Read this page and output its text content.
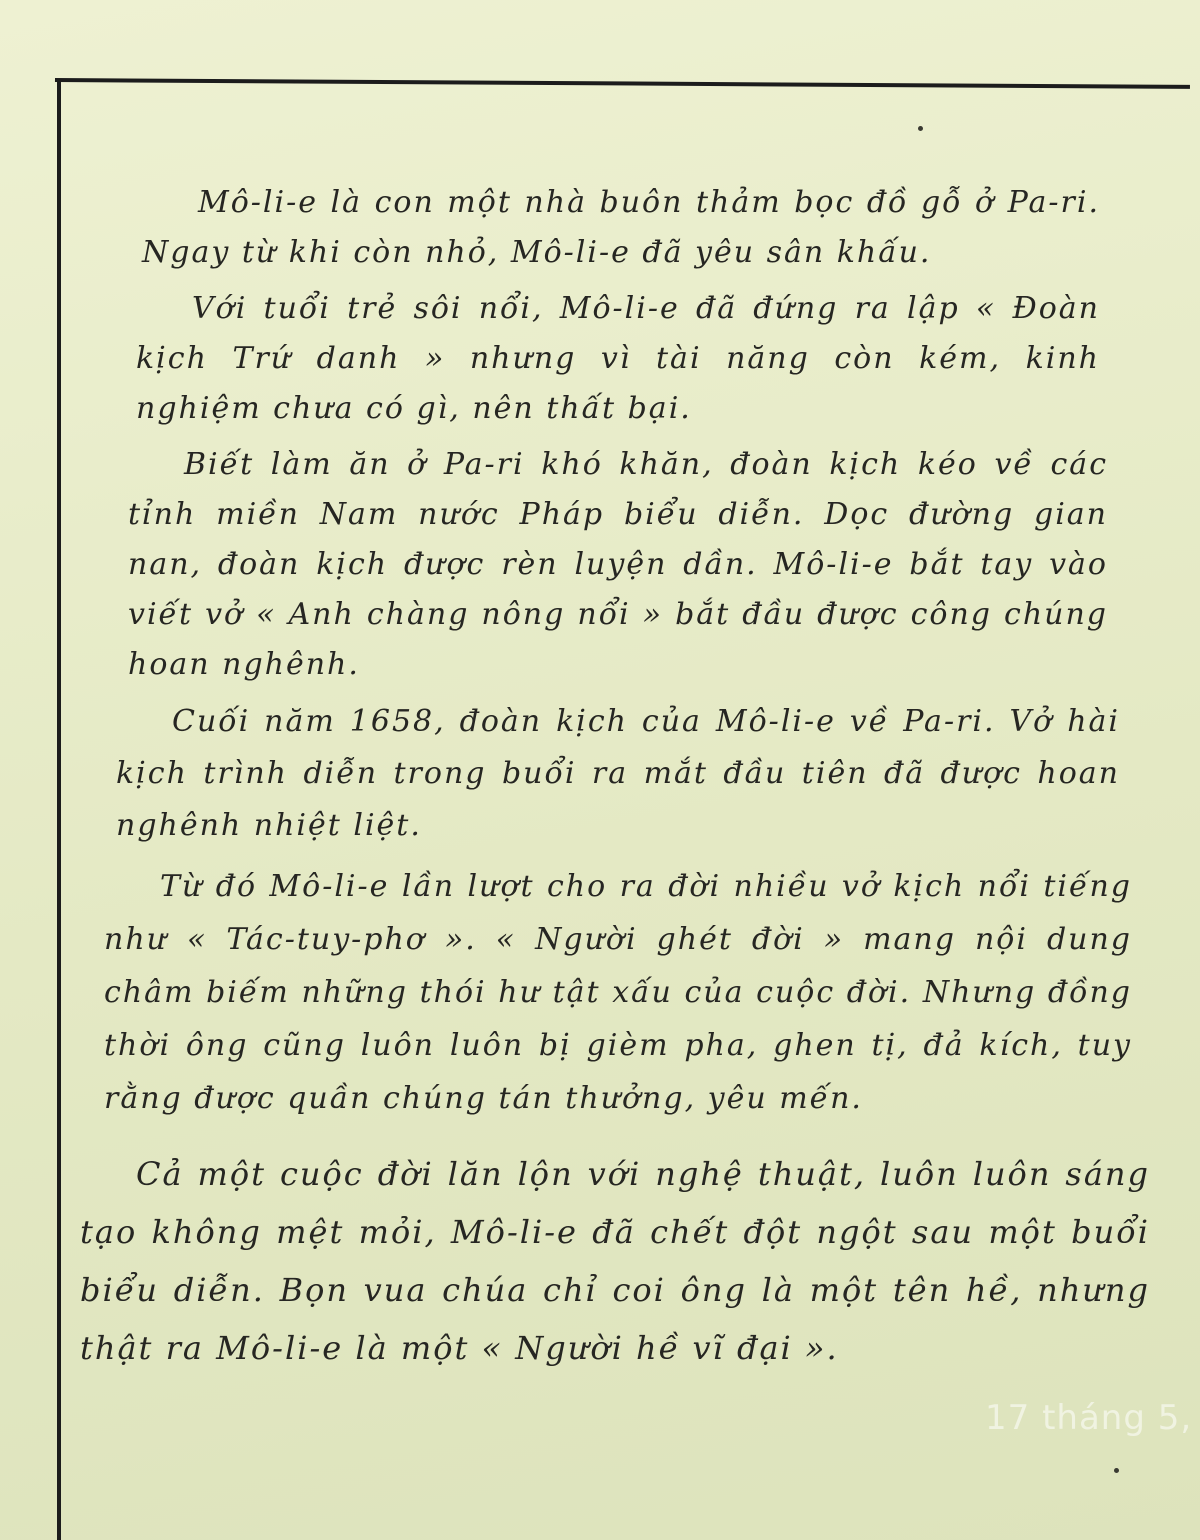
Mô-li-e là con một nhà buôn thảm bọc đồ gỗ ở Pa-ri. Ngay từ khi còn nhỏ, Mô-li-e đã yêu sân khấu.

Với tuổi trẻ sôi nổi, Mô-li-e đã đứng ra lập « Đoàn kịch Trứ danh » nhưng vì tài năng còn kém, kinh nghiệm chưa có gì, nên thất bại.

Biết làm ăn ở Pa-ri khó khăn, đoàn kịch kéo về các tỉnh miền Nam nước Pháp biểu diễn. Dọc đường gian nan, đoàn kịch được rèn luyện dần. Mô-li-e bắt tay vào viết vở « Anh chàng nông nổi » bắt đầu được công chúng hoan nghênh.

Cuối năm 1658, đoàn kịch của Mô-li-e về Pa-ri. Vở hài kịch trình diễn trong buổi ra mắt đầu tiên đã được hoan nghênh nhiệt liệt.

Từ đó Mô-li-e lần lượt cho ra đời nhiều vở kịch nổi tiếng như « Tác-tuy-phơ ». « Người ghét đời » mang nội dung châm biếm những thói hư tật xấu của cuộc đời. Nhưng đồng thời ông cũng luôn luôn bị gièm pha, ghen tị, đả kích, tuy rằng được quần chúng tán thưởng, yêu mến.

Cả một cuộc đời lăn lộn với nghệ thuật, luôn luôn sáng tạo không mệt mỏi, Mô-li-e đã chết đột ngột sau một buổi biểu diễn. Bọn vua chúa chỉ coi ông là một tên hề, nhưng thật ra Mô-li-e là một « Người hề vĩ đại ».

17 tháng 5,
